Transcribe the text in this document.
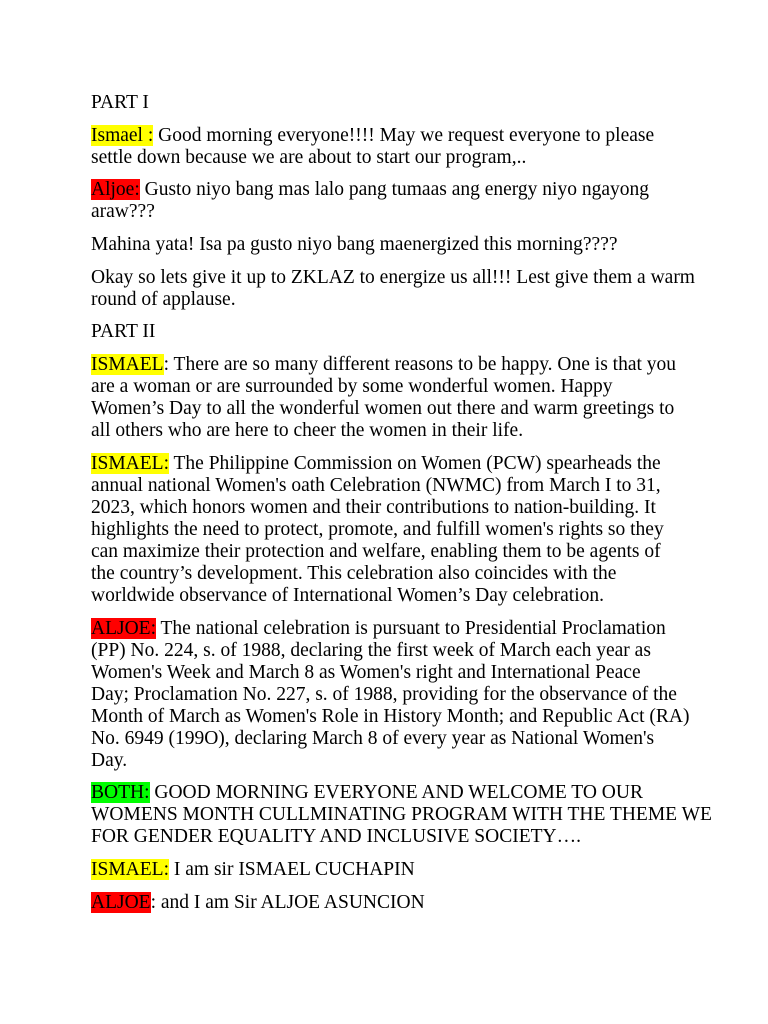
PART I
Ismael : Good morning everyone!!!! May we request everyone to please
settle down because we are about to start our program,..
Aljoe: Gusto niyo bang mas lalo pang tumaas ang energy niyo ngayong
araw???
Mahina yata! Isa pa gusto niyo bang maenergized this morning????
Okay so lets give it up to ZKLAZ to energize us all!!! Lest give them a warm
round of applause.
PART II
ISMAEL: There are so many different reasons to be happy. One is that you
are a woman or are surrounded by some wonderful women. Happy
Women’s Day to all the wonderful women out there and warm greetings to
all others who are here to cheer the women in their life.
ISMAEL: The Philippine Commission on Women (PCW) spearheads the
annual national Women's oath Celebration (NWMC) from March I to 31,
2023, which honors women and their contributions to nation-building. It
highlights the need to protect, promote, and fulfill women's rights so they
can maximize their protection and welfare, enabling them to be agents of
the country’s development. This celebration also coincides with the
worldwide observance of International Women’s Day celebration.
ALJOE: The national celebration is pursuant to Presidential Proclamation
(PP) No. 224, s. of 1988, declaring the first week of March each year as
Women's Week and March 8 as Women's right and International Peace
Day; Proclamation No. 227, s. of 1988, providing for the observance of the
Month of March as Women's Role in History Month; and Republic Act (RA)
No. 6949 (199O), declaring March 8 of every year as National Women's
Day.
BOTH: GOOD MORNING EVERYONE AND WELCOME TO OUR
WOMENS MONTH CULLMINATING PROGRAM WITH THE THEME WE
FOR GENDER EQUALITY AND INCLUSIVE SOCIETY….
ISMAEL: I am sir ISMAEL CUCHAPIN
ALJOE: and I am Sir ALJOE ASUNCION
